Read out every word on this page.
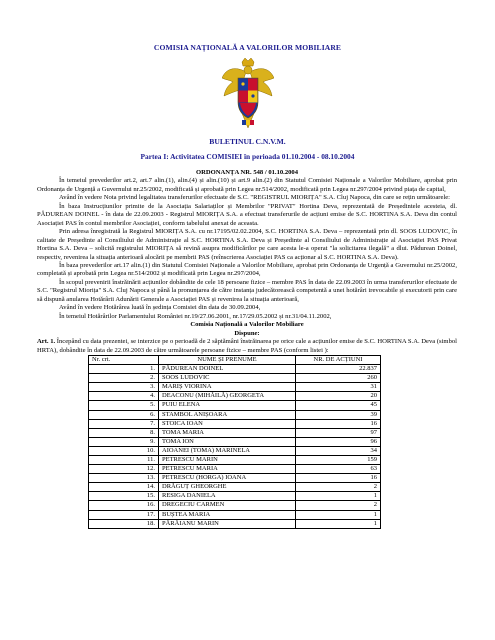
COMISIA NAȚIONALĂ A VALORILOR MOBILIARE
BULETINUL C.N.V.M.
Partea I: Activitatea COMISIEI în perioada 01.10.2004 - 08.10.2004
ORDONANȚA NR. 548 / 01.10.2004

În temeiul prevederilor art.2, art.7 alin.(1), alin.(4) și alin.(10) și art.9 alin.(2) din Statutul Comisiei Naționale a Valorilor Mobiliare, aprobat prin Ordonanța de Urgență a Guvernului nr.25/2002, modificată și aprobată prin Legea nr.514/2002, modificată prin Legea nr.297/2004 privind piața de capital,

Având în vedere Nota privind legalitatea transferurilor efectuate de S.C. "REGISTRUL MIORIȚA" S.A. Cluj Napoca, din care se rețin următoarele:

În baza Instrucțiunilor primite de la Asociația Salariaților și Membrilor "PRIVAT" Hortina Deva, reprezentată de Președintele acesteia, dl. PĂDUREAN DOINEL - în data de 22.09.2003 - Registrul MIORIȚA S.A. a efectuat transferurile de acțiuni emise de S.C. HORTINA S.A. Deva din contul Asociației PAS în contul membrilor Asociației, conform tabelului anexat de aceasta.

Prin adresa înregistrată la Registrul MIORIȚA S.A. cu nr.17195/02.02.2004, S.C. HORTINA S.A. Deva – reprezentată prin dl. SOOS LUDOVIC, în calitate de Președinte al Consiliului de Administrație al S.C. HORTINA S.A. Deva și Președinte al Consiliului de Administrație al Asociației PAS Privat Hortina S.A. Deva – solicită registrului MIORIȚA să revină asupra modificărilor pe care acesta le-a operat "la solicitarea ilegală" a dlui. Pădurean Doinel, respectiv, revenirea la situația anterioară alocării pe membrii PAS (reînscrierea Asociației PAS ca acționar al S.C. HORTINA S.A. Deva).

În baza prevederilor art.17 alin.(1) din Statutul Comisiei Naționale a Valorilor Mobiliare, aprobat prin Ordonanța de Urgență a Guvernului nr.25/2002, completată și aprobată prin Legea nr.514/2002 și modificată prin Legea nr.297/2004,

În scopul prevenirii înstrăinării acțiunilor dobândite de cele 18 persoane fizice – membre PAS în data de 22.09.2003 în urma transferurilor efectuate de S.C. "Registrul Miorița" S.A. Cluj Napoca și până la pronunțarea de către instanța judecătorească competentă a unei hotărâri irevocabile și executorii prin care să dispună anularea Hotărârii Adunării Generale a Asociației PAS și revenirea la situația anterioară,

Având în vedere Hotărârea luată în ședința Comisiei din data de 30.09.2004,

În temeiul Hotărârilor Parlamentului României nr.19/27.06.2001, nr.17/29.05.2002 și nr.31/04.11.2002,

Comisia Națională a Valorilor Mobiliare
Dispune:

Art. 1. Începând cu data prezentei, se interzice pe o perioadă de 2 săptămâni înstrăinarea pe orice cale a acțiunilor emise de S.C. HORTINA S.A. Deva (simbol HRTA), dobândite în data de 22.09.2003 de către următoarele persoane fizice – membre PAS (conform listei ):

Nr. crt.	NUME ȘI PRENUME	NR. DE ACȚIUNI
1.	PĂDUREAN DOINEL	22.837
2.	SOOS LUDOVIC	260
3.	MARIȘ VIORINA	31
4.	DEACONU (MIHĂILĂ) GEORGETA	20
5.	PUIU ELENA	45
6.	STAMBOL ANIȘOARA	39
7.	STOICA IOAN	16
8.	TOMA MARIA	97
9.	TOMA ION	96
10.	AIOANEI (TOMA) MARINELA	34
11.	PETRESCU MARIN	159
12.	PETRESCU MARIA	63
13.	PETRESCU (HORGA) IOANA	16
14.	DRĂGUȚ GHEORGHE	2
15.	RESIGA DANIELA	1
16.	DREGECIU CARMEN	2
17.	BUȘTEA MARIA	1
18.	PĂRĂIANU MARIN	1
